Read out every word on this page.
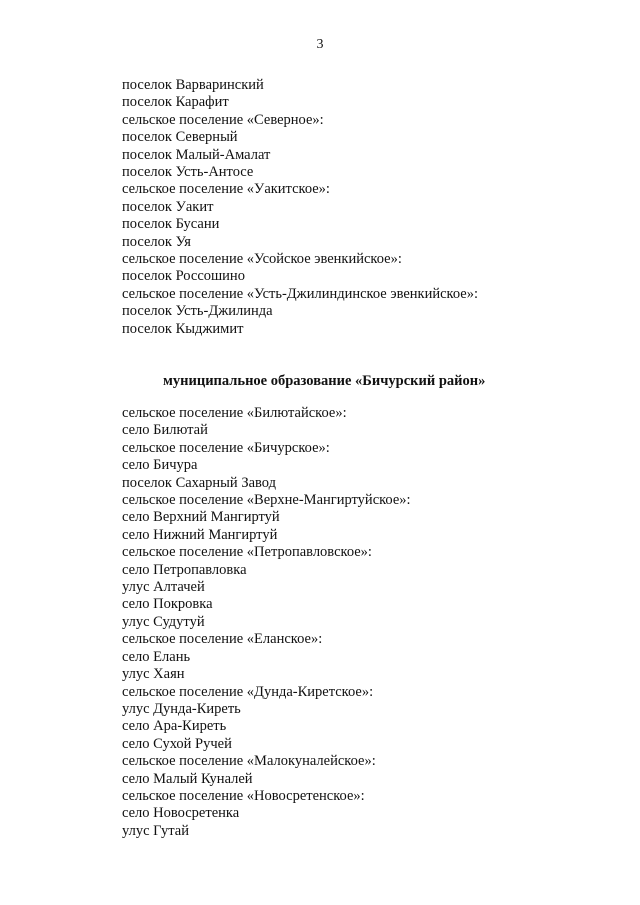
3
поселок Варваринский
поселок Карафит
сельское поселение «Северное»:
поселок Северный
поселок Малый-Амалат
поселок Усть-Антосе
сельское поселение «Уакитское»:
поселок Уакит
поселок Бусани
поселок Уя
сельское поселение «Усойское эвенкийское»:
поселок Россошино
сельское поселение «Усть-Джилиндинское эвенкийское»:
поселок Усть-Джилинда
поселок Кыджимит
муниципальное образование «Бичурский район»
сельское поселение «Билютайское»:
село Билютай
сельское поселение «Бичурское»:
село Бичура
поселок Сахарный Завод
сельское поселение «Верхне-Мангиртуйское»:
село Верхний Мангиртуй
село Нижний Мангиртуй
сельское поселение «Петропавловское»:
село Петропавловка
улус Алтачей
село Покровка
улус Судутуй
сельское поселение «Еланское»:
село Елань
улус Хаян
сельское поселение «Дунда-Киретское»:
улус Дунда-Киреть
село Ара-Киреть
село Сухой Ручей
сельское поселение «Малокуналейское»:
село Малый Куналей
сельское поселение «Новосретенское»:
село Новосретенка
улус Гутай
